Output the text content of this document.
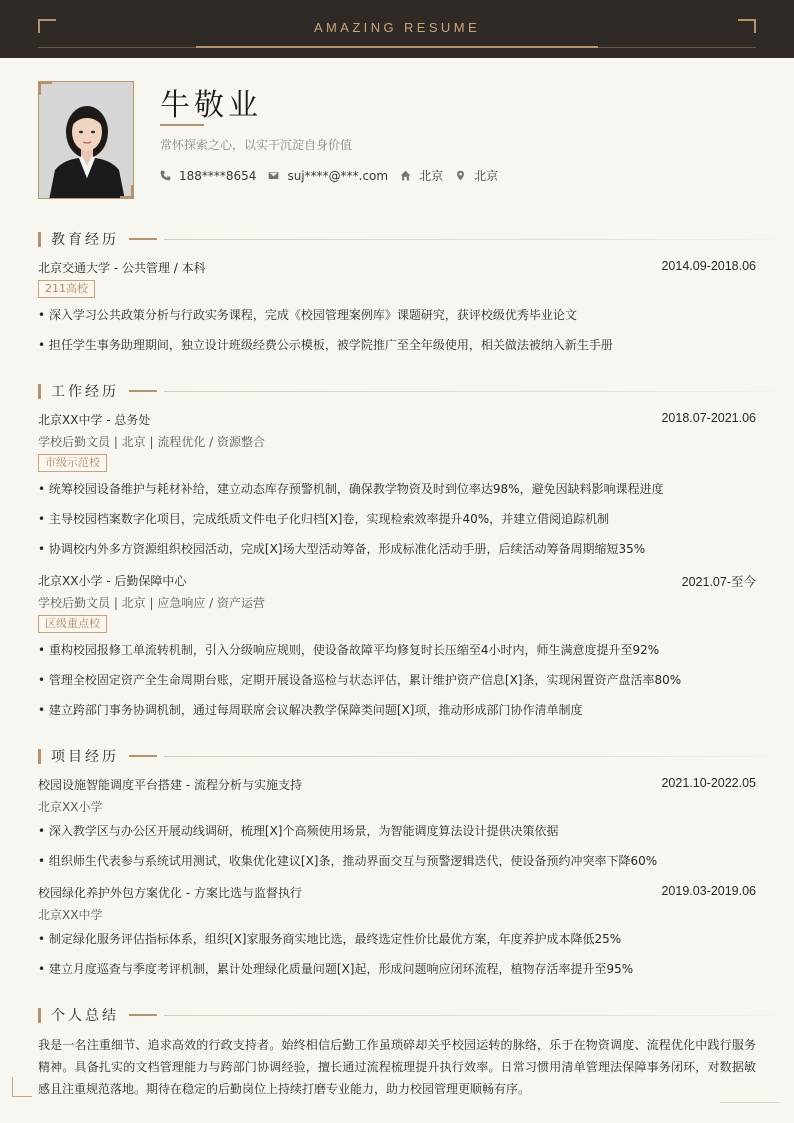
AMAZING RESUME
牛敬业
常怀探索之心，以实干沉淀自身价值
188****8654	suj****@***.com	北京	北京
教育经历
北京交通大学 - 公共管理 / 本科	2014.09-2018.06
211高校
• 深入学习公共政策分析与行政实务课程，完成《校园管理案例库》课题研究，获评校级优秀毕业论文
• 担任学生事务助理期间，独立设计班级经费公示模板，被学院推广至全年级使用，相关做法被纳入新生手册
工作经历
北京XX中学 - 总务处	2018.07-2021.06
学校后勤文员 | 北京 | 流程优化 / 资源整合
市级示范校
• 统筹校园设备维护与耗材补给，建立动态库存预警机制，确保教学物资及时到位率达98%，避免因缺料影响课程进度
• 主导校园档案数字化项目，完成纸质文件电子化归档[X]卷，实现检索效率提升40%，并建立借阅追踪机制
• 协调校内外多方资源组织校园活动，完成[X]场大型活动筹备，形成标准化活动手册，后续活动筹备周期缩短35%
北京XX小学 - 后勤保障中心	2021.07-至今
学校后勤文员 | 北京 | 应急响应 / 资产运营
区级重点校
• 重构校园报修工单流转机制，引入分级响应规则，使设备故障平均修复时长压缩至4小时内，师生满意度提升至92%
• 管理全校固定资产全生命周期台账，定期开展设备巡检与状态评估，累计维护资产信息[X]条，实现闲置资产盘活率80%
• 建立跨部门事务协调机制，通过每周联席会议解决教学保障类问题[X]项，推动形成部门协作清单制度
项目经历
校园设施智能调度平台搭建 - 流程分析与实施支持	2021.10-2022.05
北京XX小学
• 深入教学区与办公区开展动线调研，梳理[X]个高频使用场景，为智能调度算法设计提供决策依据
• 组织师生代表参与系统试用测试，收集优化建议[X]条，推动界面交互与预警逻辑迭代，使设备预约冲突率下降60%
校园绿化养护外包方案优化 - 方案比选与监督执行	2019.03-2019.06
北京XX中学
• 制定绿化服务评估指标体系，组织[X]家服务商实地比选，最终选定性价比最优方案，年度养护成本降低25%
• 建立月度巡查与季度考评机制，累计处理绿化质量问题[X]起，形成问题响应闭环流程，植物存活率提升至95%
个人总结
我是一名注重细节、追求高效的行政支持者。始终相信后勤工作虽琐碎却关乎校园运转的脉络，乐于在物资调度、流程优化中践行服务精神。具备扎实的文档管理能力与跨部门协调经验，擅长通过流程梳理提升执行效率。日常习惯用清单管理法保障事务闭环，对数据敏感且注重规范落地。期待在稳定的后勤岗位上持续打磨专业能力，助力校园管理更顺畅有序。
